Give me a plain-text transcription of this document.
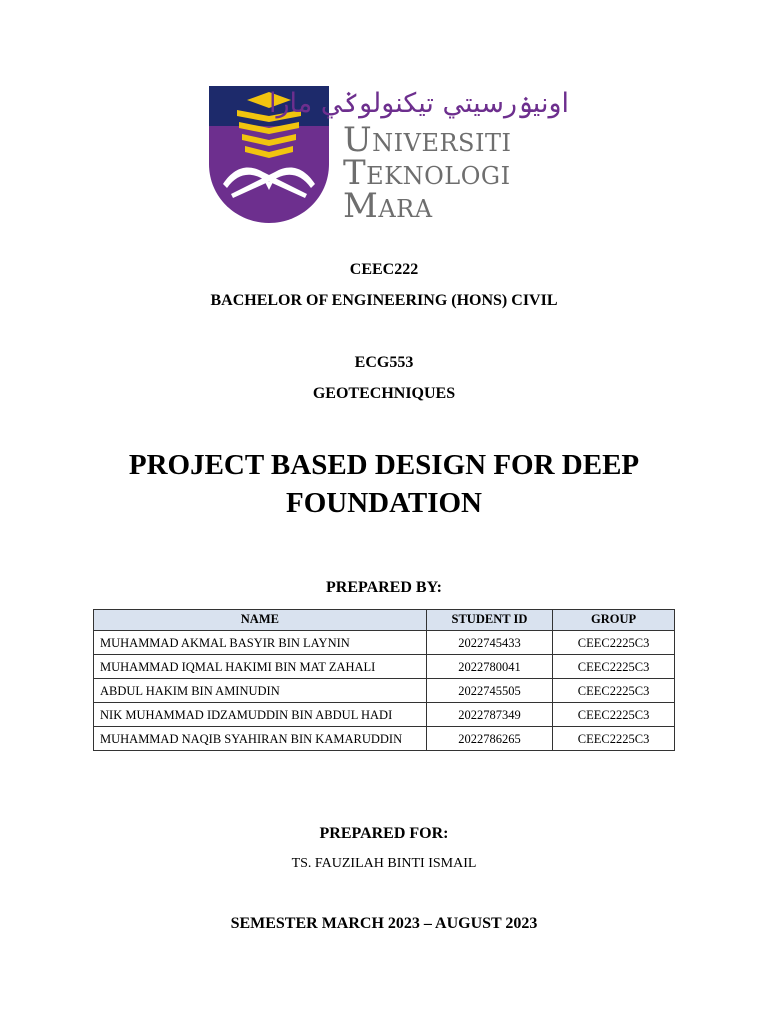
اونيۏرسيتي تيکنولوݢي مارا
Universiti
Teknologi
Mara
CEEC222
BACHELOR OF ENGINEERING (HONS) CIVIL
ECG553
GEOTECHNIQUES
PROJECT BASED DESIGN FOR DEEP
FOUNDATION
PREPARED BY:
NAME	STUDENT ID	GROUP
MUHAMMAD AKMAL BASYIR BIN LAYNIN	2022745433	CEEC2225C3
MUHAMMAD IQMAL HAKIMI BIN MAT ZAHALI	2022780041	CEEC2225C3
ABDUL HAKIM BIN AMINUDIN	2022745505	CEEC2225C3
NIK MUHAMMAD IDZAMUDDIN BIN ABDUL HADI	2022787349	CEEC2225C3
MUHAMMAD NAQIB SYAHIRAN BIN KAMARUDDIN	2022786265	CEEC2225C3
PREPARED FOR:
TS. FAUZILAH BINTI ISMAIL
SEMESTER MARCH 2023 – AUGUST 2023
